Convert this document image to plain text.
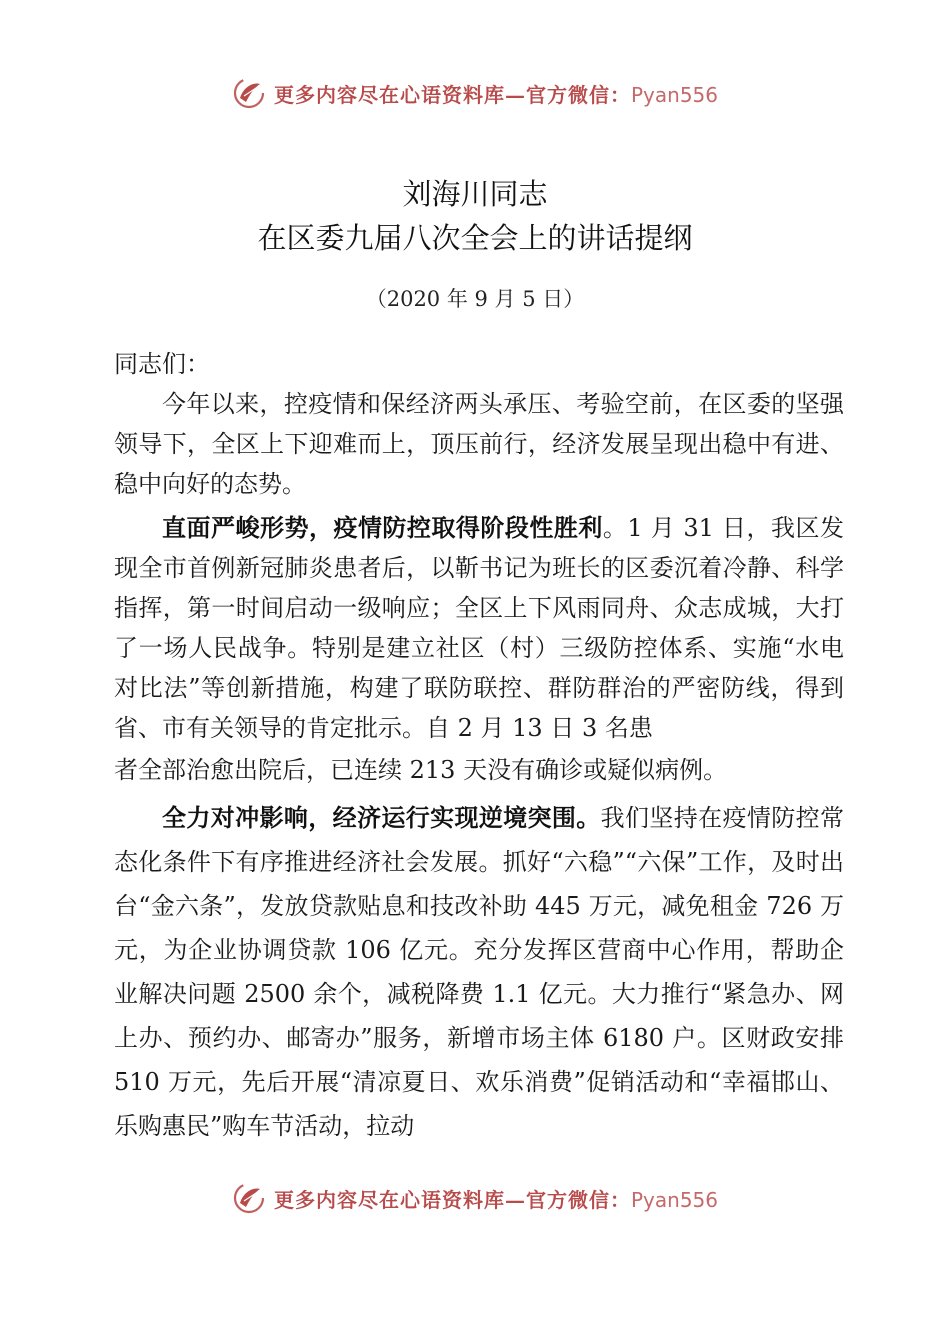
更多内容尽在心语资料库—官方微信：Pyan556
刘海川同志
在区委九届八次全会上的讲话提纲
（2020 年 9 月 5 日）
同志们：

今年以来，控疫情和保经济两头承压、考验空前，在区委的坚强领导下，全区上下迎难而上，顶压前行，经济发展呈现出稳中有进、稳中向好的态势。

直面严峻形势，疫情防控取得阶段性胜利。1 月 31 日，我区发现全市首例新冠肺炎患者后，以靳书记为班长的区委沉着冷静、科学指挥，第一时间启动一级响应；全区上下风雨同舟、众志成城，大打了一场人民战争。特别是建立社区（村）三级防控体系、实施“水电对比法”等创新措施，构建了联防联控、群防群治的严密防线，得到省、市有关领导的肯定批示。自 2 月 13 日 3 名患

者全部治愈出院后，已连续 213 天没有确诊或疑似病例。

全力对冲影响，经济运行实现逆境突围。我们坚持在疫情防控常态化条件下有序推进经济社会发展。抓好“六稳”“六保”工作，及时出台“金六条”，发放贷款贴息和技改补助 445 万元，减免租金 726 万元，为企业协调贷款 106 亿元。充分发挥区营商中心作用，帮助企业解决问题 2500 余个，减税降费 1.1 亿元。大力推行“紧急办、网上办、预约办、邮寄办”服务，新增市场主体 6180 户。区财政安排 510 万元，先后开展“清凉夏日、欢乐消费”促销活动和“幸福邯山、乐购惠民”购车节活动，拉动

更多内容尽在心语资料库—官方微信：Pyan556
